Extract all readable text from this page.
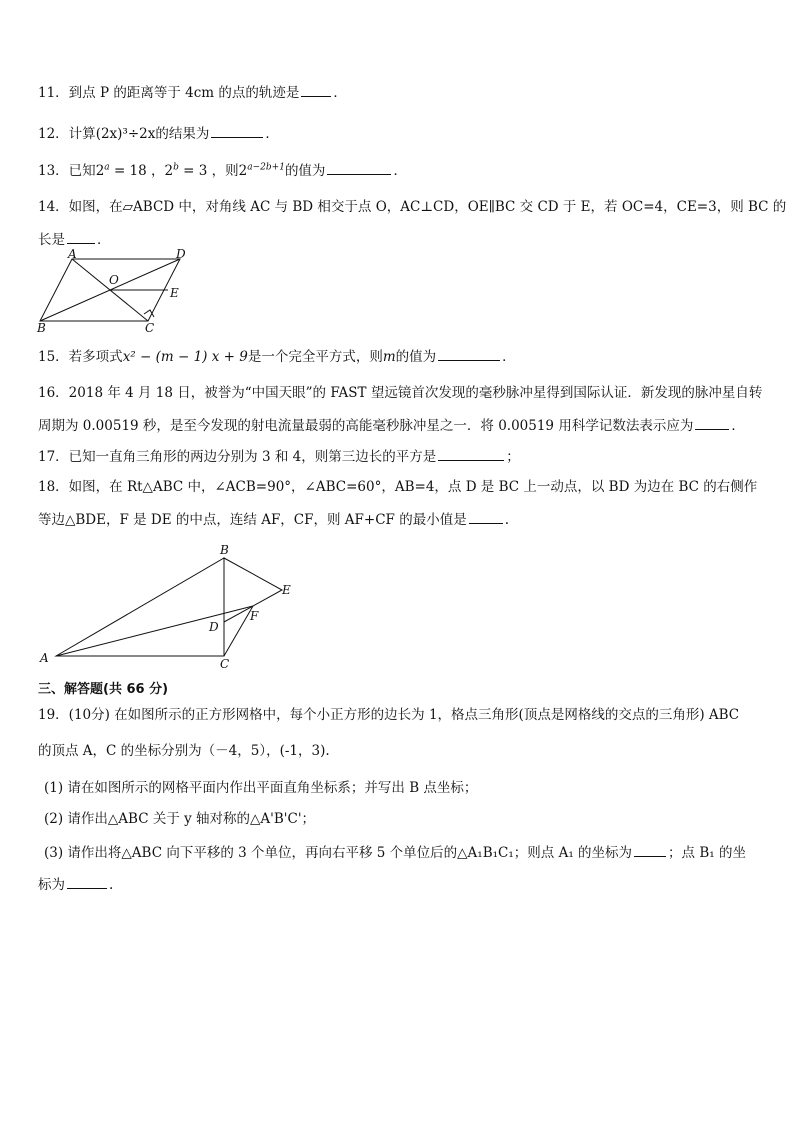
11．到点 P 的距离等于 4cm 的点的轨迹是	．
12．计算(2x)³÷2x的结果为	．
13．已知$2^a = 18$ ，$2^b = 3$ ，则$2^{a-2b+1}$的值为	．
14．如图，在▱ABCD 中，对角线 AC 与 BD 相交于点 O，AC⊥CD，OE∥BC 交 CD 于 E，若 OC=4，CE=3，则 BC 的
长是 ．
A	D
O
E
B	C
15．若多项式x² − (m − 1) x + 9是一个完全平方式，则m的值为	．
16．2018 年 4 月 18 日，被誉为“中国天眼”的 FAST 望远镜首次发现的毫秒脉冲星得到国际认证．新发现的脉冲星自转
周期为 0.00519 秒，是至今发现的射电流量最弱的高能毫秒脉冲星之一．将 0.00519 用科学记数法表示应为	．
17．已知一直角三角形的两边分别为 3 和 4，则第三边长的平方是	；
18．如图，在 Rt△ABC 中，∠ACB=90°，∠ABC=60°，AB=4，点 D 是 BC 上一动点，以 BD 为边在 BC 的右侧作
等边△BDE，F 是 DE 的中点，连结 AF，CF，则 AF+CF 的最小值是	.
B
E
F
D
A	C
三、解答题(共 66 分)
19．(10分) 在如图所示的正方形网格中，每个小正方形的边长为 1，格点三角形(顶点是网格线的交点的三角形) ABC
的顶点 A，C 的坐标分别为（－4，5），(-1，3).
(1) 请在如图所示的网格平面内作出平面直角坐标系；并写出 B 点坐标；
(2) 请作出△ABC 关于 y 轴对称的△A'B'C'；
(3) 请作出将△ABC 向下平移的 3 个单位，再向右平移 5 个单位后的△A₁B₁C₁；则点 A₁ 的坐标为	；点 B₁ 的坐
标为	.
